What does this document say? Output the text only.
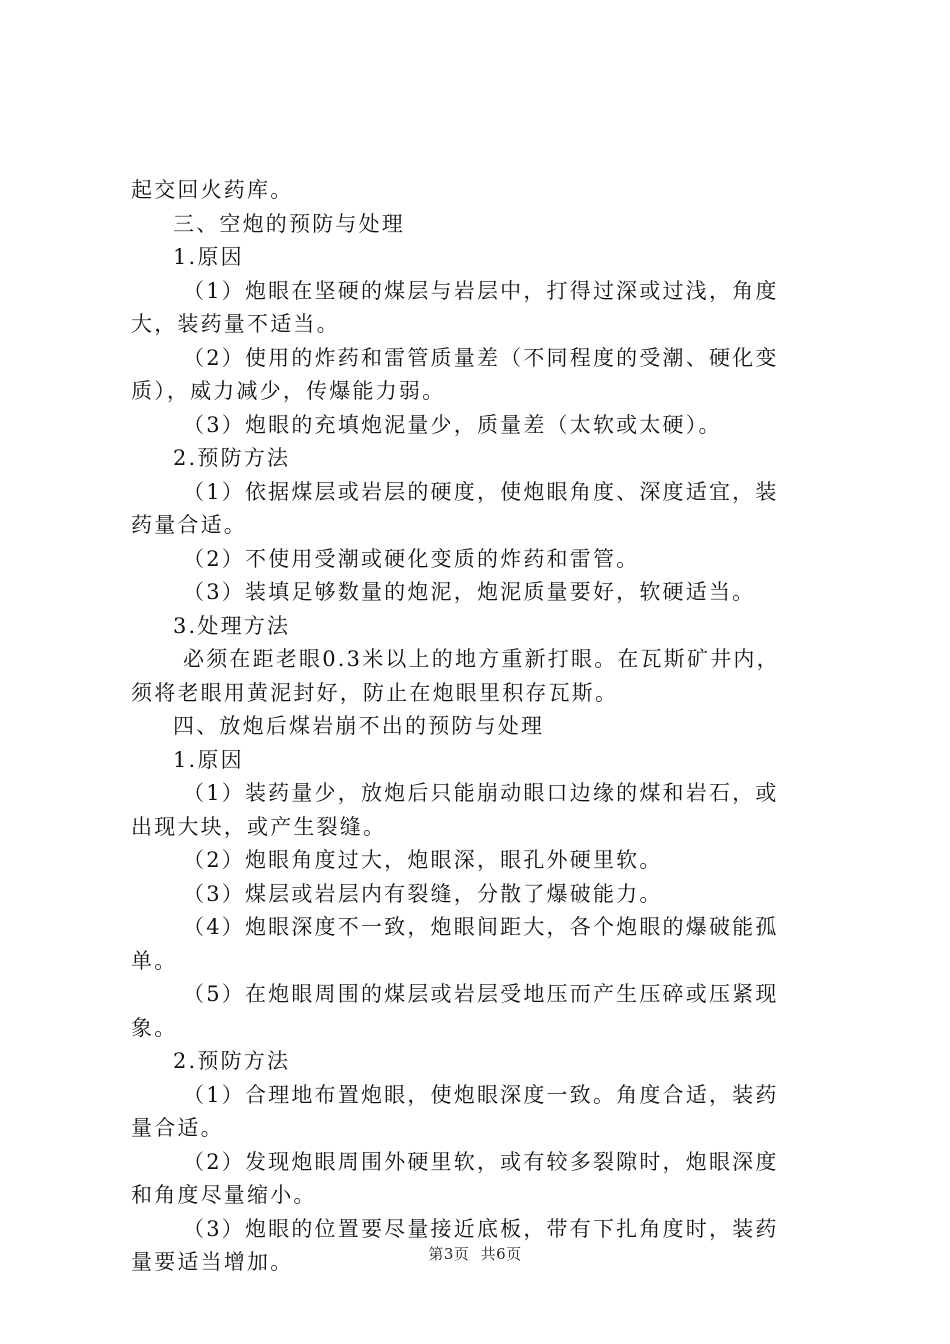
起交回火药库。
三、空炮的预防与处理
1.原因
（1）炮眼在坚硬的煤层与岩层中，打得过深或过浅，角度
大，装药量不适当。
（2）使用的炸药和雷管质量差（不同程度的受潮、硬化变
质），威力减少，传爆能力弱。
（3）炮眼的充填炮泥量少，质量差（太软或太硬）。
2.预防方法
（1）依据煤层或岩层的硬度，使炮眼角度、深度适宜，装
药量合适。
（2）不使用受潮或硬化变质的炸药和雷管。
（3）装填足够数量的炮泥，炮泥质量要好，软硬适当。
3.处理方法
必须在距老眼0.3米以上的地方重新打眼。在瓦斯矿井内，
须将老眼用黄泥封好，防止在炮眼里积存瓦斯。
四、放炮后煤岩崩不出的预防与处理
1.原因
（1）装药量少，放炮后只能崩动眼口边缘的煤和岩石，或
出现大块，或产生裂缝。
（2）炮眼角度过大，炮眼深，眼孔外硬里软。
（3）煤层或岩层内有裂缝，分散了爆破能力。
（4）炮眼深度不一致，炮眼间距大，各个炮眼的爆破能孤
单。
（5）在炮眼周围的煤层或岩层受地压而产生压碎或压紧现
象。
2.预防方法
（1）合理地布置炮眼，使炮眼深度一致。角度合适，装药
量合适。
（2）发现炮眼周围外硬里软，或有较多裂隙时，炮眼深度
和角度尽量缩小。
（3）炮眼的位置要尽量接近底板，带有下扎角度时，装药
量要适当增加。	第3页 共6页
